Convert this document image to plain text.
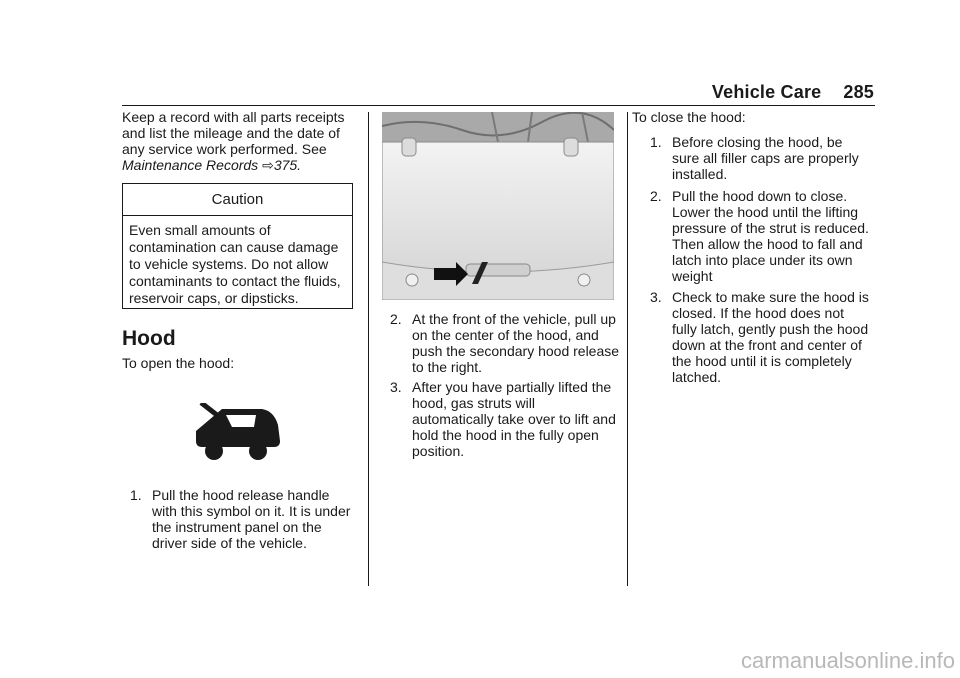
Vehicle Care 285
Keep a record with all parts receipts and list the mileage and the date of any service work performed. See
Maintenance Records ⇨375.
Caution
Even small amounts of contamination can cause damage to vehicle systems. Do not allow contaminants to contact the fluids, reservoir caps, or dipsticks.
Hood
To open the hood:
1. Pull the hood release handle with this symbol on it. It is under the instrument panel on the driver side of the vehicle.
2. At the front of the vehicle, pull up on the center of the hood, and push the secondary hood release to the right.
3. After you have partially lifted the hood, gas struts will automatically take over to lift and hold the hood in the fully open position.
To close the hood:
1. Before closing the hood, be sure all filler caps are properly installed.
2. Pull the hood down to close. Lower the hood until the lifting pressure of the strut is reduced. Then allow the hood to fall and latch into place under its own weight
3. Check to make sure the hood is closed. If the hood does not fully latch, gently push the hood down at the front and center of the hood until it is completely latched.
carmanualsonline.info
